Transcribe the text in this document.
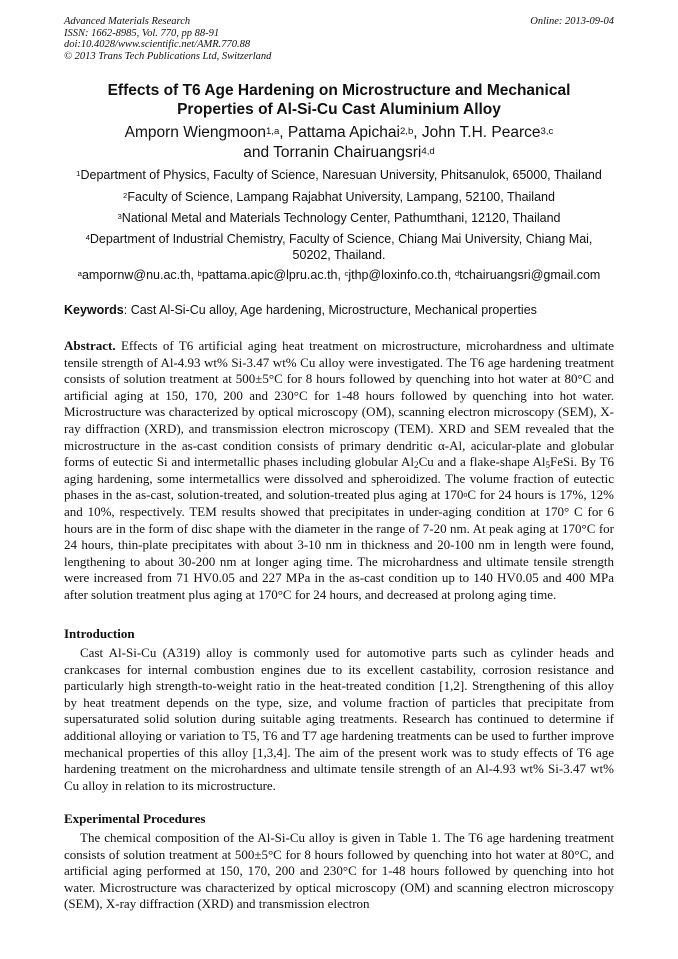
Advanced Materials Research
ISSN: 1662-8985, Vol. 770, pp 88-91
doi:10.4028/www.scientific.net/AMR.770.88
© 2013 Trans Tech Publications Ltd, Switzerland
Online: 2013-09-04
Effects of T6 Age Hardening on Microstructure and Mechanical
Properties of Al-Si-Cu Cast Aluminium Alloy
Amporn Wiengmoon$^{1,a}$, Pattama Apichai$^{2,b}$, John T.H. Pearce$^{3,c}$
and Torranin Chairuangsri$^{4,d}$
$^1$Department of Physics, Faculty of Science, Naresuan University, Phitsanulok, 65000, Thailand
$^2$Faculty of Science, Lampang Rajabhat University, Lampang, 52100, Thailand
$^3$National Metal and Materials Technology Center, Pathumthani, 12120, Thailand
$^4$Department of Industrial Chemistry, Faculty of Science, Chiang Mai University, Chiang Mai, 50202, Thailand.
$^a$ampornw@nu.ac.th, $^b$pattama.apic@lpru.ac.th, $^c$jthp@loxinfo.co.th, $^d$tchairuangsri@gmail.com
Keywords: Cast Al-Si-Cu alloy, Age hardening, Microstructure, Mechanical properties
Abstract. Effects of T6 artificial aging heat treatment on microstructure, microhardness and ultimate tensile strength of Al-4.93 wt% Si-3.47 wt% Cu alloy were investigated. The T6 age hardening treatment consists of solution treatment at 500±5°C for 8 hours followed by quenching into hot water at 80°C and artificial aging at 150, 170, 200 and 230°C for 1-48 hours followed by quenching into hot water. Microstructure was characterized by optical microscopy (OM), scanning electron microscopy (SEM), X-ray diffraction (XRD), and transmission electron microscopy (TEM). XRD and SEM revealed that the microstructure in the as-cast condition consists of primary dendritic α-Al, acicular-plate and globular forms of eutectic Si and intermetallic phases including globular $Al_2Cu$ and a flake-shape $Al_5FeSi$. By T6 aging hardening, some intermetallics were dissolved and spheroidized. The volume fraction of eutectic phases in the as-cast, solution-treated, and solution-treated plus aging at 170$^o$C for 24 hours is 17%, 12% and 10%, respectively. TEM results showed that precipitates in under-aging condition at 170° C for 6 hours are in the form of disc shape with the diameter in the range of 7-20 nm. At peak aging at 170°C for 24 hours, thin-plate precipitates with about 3-10 nm in thickness and 20-100 nm in length were found, lengthening to about 30-200 nm at longer aging time. The microhardness and ultimate tensile strength were increased from 71 HV0.05 and 227 MPa in the as-cast condition up to 140 HV0.05 and 400 MPa after solution treatment plus aging at 170°C for 24 hours, and decreased at prolong aging time.
Introduction
Cast Al-Si-Cu (A319) alloy is commonly used for automotive parts such as cylinder heads and crankcases for internal combustion engines due to its excellent castability, corrosion resistance and particularly high strength-to-weight ratio in the heat-treated condition [1,2]. Strengthening of this alloy by heat treatment depends on the type, size, and volume fraction of particles that precipitate from supersaturated solid solution during suitable aging treatments. Research has continued to determine if additional alloying or variation to T5, T6 and T7 age hardening treatments can be used to further improve mechanical properties of this alloy [1,3,4]. The aim of the present work was to study effects of T6 age hardening treatment on the microhardness and ultimate tensile strength of an Al-4.93 wt% Si-3.47 wt% Cu alloy in relation to its microstructure.
Experimental Procedures
The chemical composition of the Al-Si-Cu alloy is given in Table 1. The T6 age hardening treatment consists of solution treatment at 500±5°C for 8 hours followed by quenching into hot water at 80°C, and artificial aging performed at 150, 170, 200 and 230°C for 1-48 hours followed by quenching into hot water. Microstructure was characterized by optical microscopy (OM) and scanning electron microscopy (SEM), X-ray diffraction (XRD) and transmission electron
